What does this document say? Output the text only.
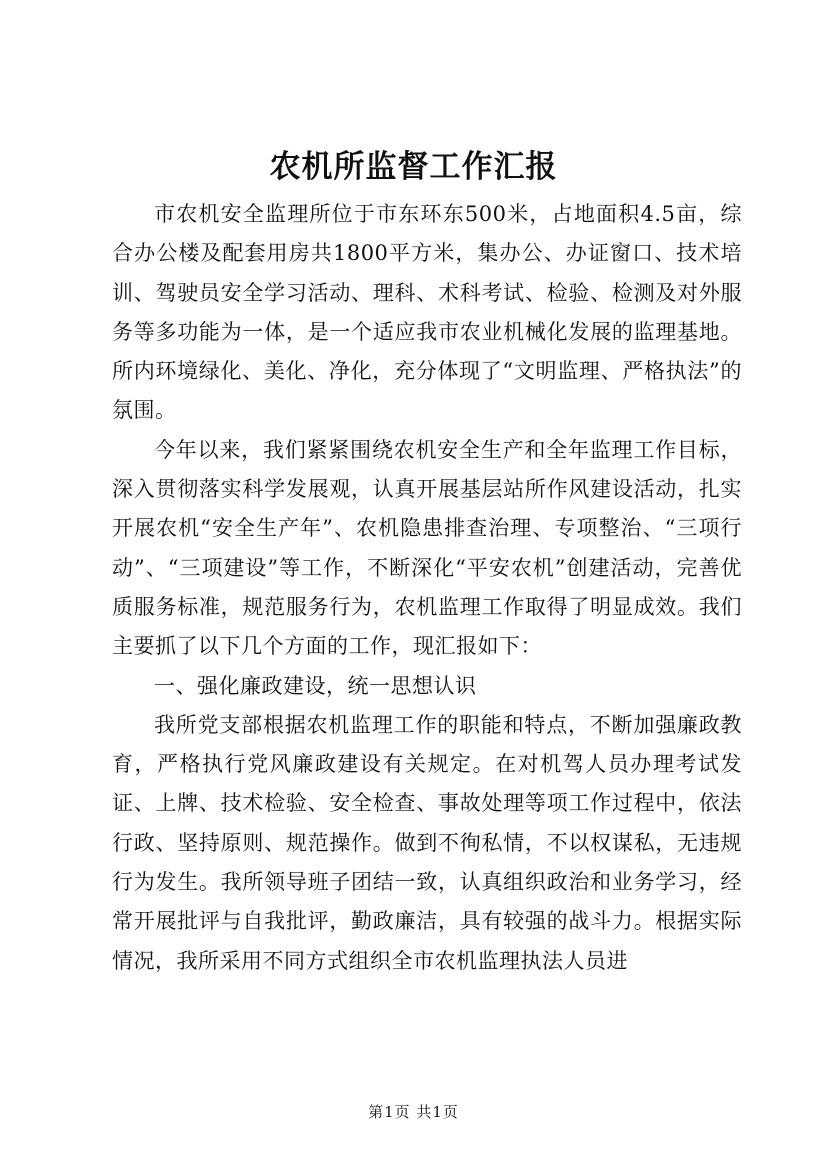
农机所监督工作汇报

市农机安全监理所位于市东环东500米，占地面积4.5亩，综合办公楼及配套用房共1800平方米，集办公、办证窗口、技术培训、驾驶员安全学习活动、理科、术科考试、检验、检测及对外服务等多功能为一体，是一个适应我市农业机械化发展的监理基地。所内环境绿化、美化、净化，充分体现了“文明监理、严格执法”的氛围。

今年以来，我们紧紧围绕农机安全生产和全年监理工作目标，深入贯彻落实科学发展观，认真开展基层站所作风建设活动，扎实开展农机“安全生产年”、农机隐患排查治理、专项整治、“三项行动”、“三项建设”等工作，不断深化“平安农机”创建活动，完善优质服务标准，规范服务行为，农机监理工作取得了明显成效。我们主要抓了以下几个方面的工作，现汇报如下：

一、强化廉政建设，统一思想认识

我所党支部根据农机监理工作的职能和特点，不断加强廉政教育，严格执行党风廉政建设有关规定。在对机驾人员办理考试发证、上牌、技术检验、安全检查、事故处理等项工作过程中，依法行政、坚持原则、规范操作。做到不徇私情，不以权谋私，无违规行为发生。我所领导班子团结一致，认真组织政治和业务学习，经常开展批评与自我批评，勤政廉洁，具有较强的战斗力。根据实际情况，我所采用不同方式组织全市农机监理执法人员进

第1页 共1页
